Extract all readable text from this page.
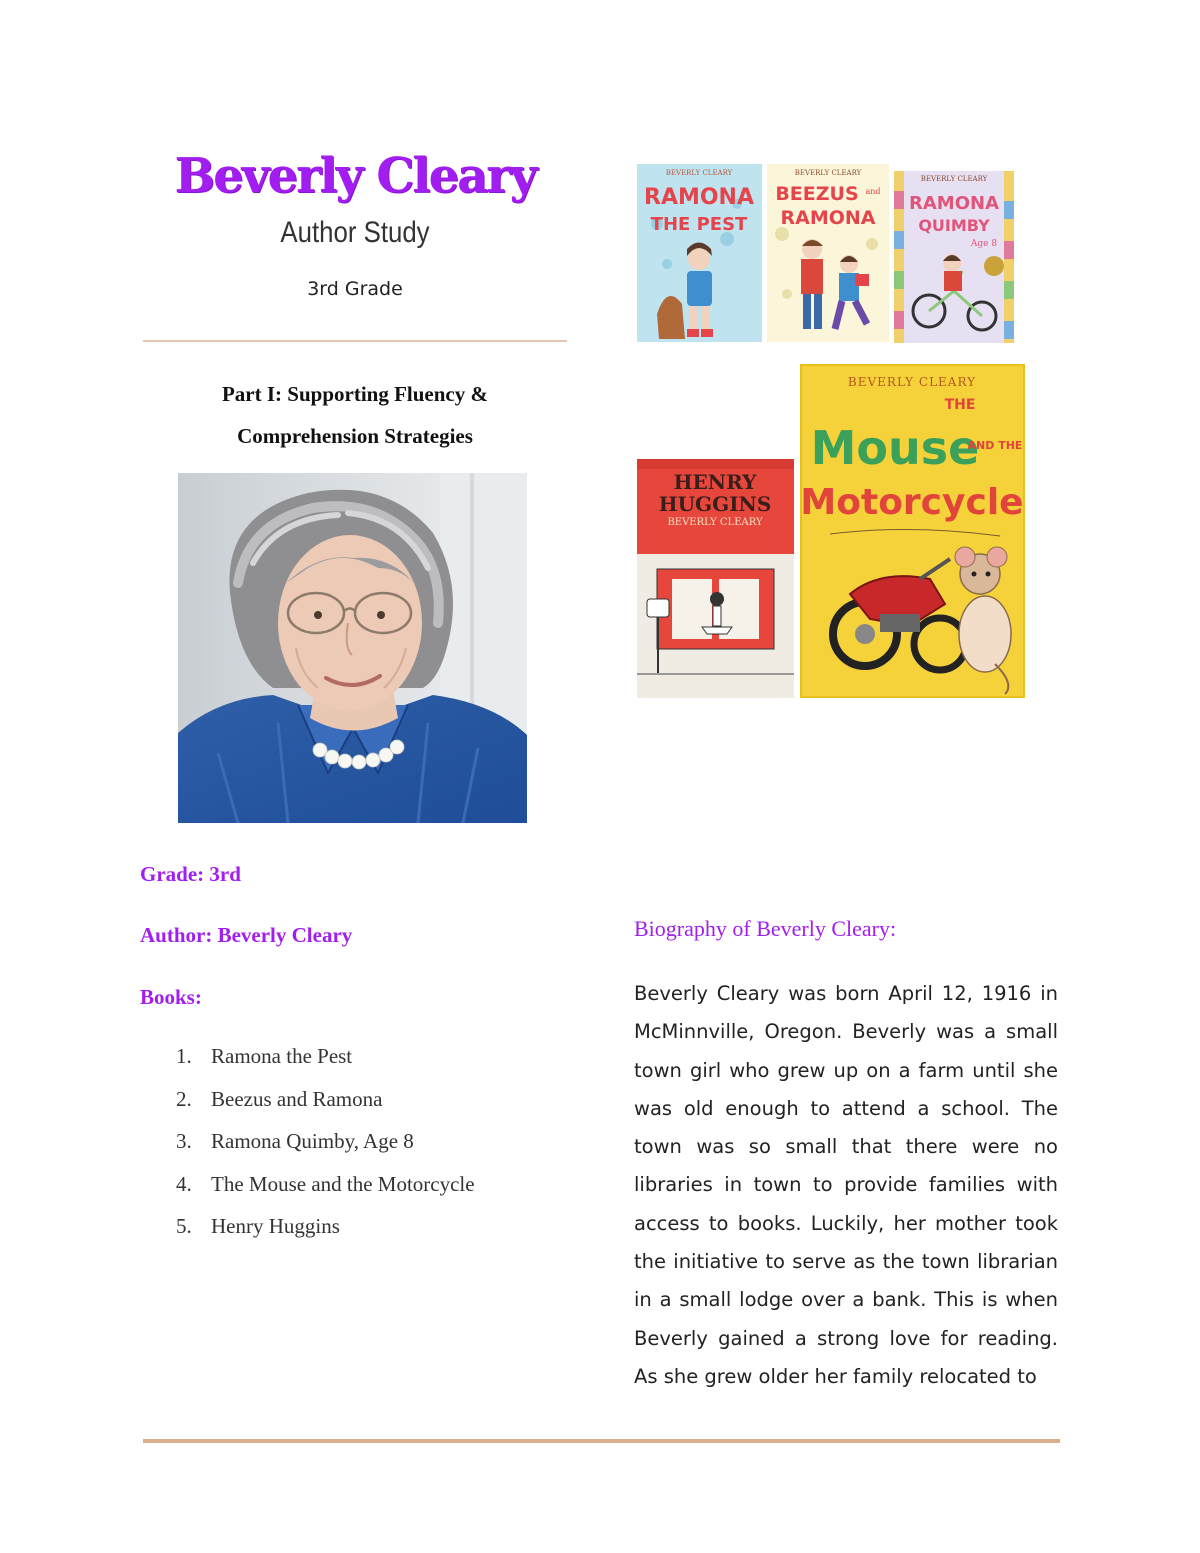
Beverly Cleary
Author Study
3rd Grade
Part I: Supporting Fluency &
Comprehension Strategies
Grade: 3rd
Author: Beverly Cleary
Books:
1. Ramona the Pest
2. Beezus and Ramona
3. Ramona Quimby, Age 8
4. The Mouse and the Motorcycle
5. Henry Huggins
Biography of Beverly Cleary:
Beverly Cleary was born April 12, 1916 in McMinnville, Oregon. Beverly was a small town girl who grew up on a farm until she was old enough to attend a school. The town was so small that there were no libraries in town to provide families with access to books. Luckily, her mother took the initiative to serve as the town librarian in a small lodge over a bank. This is when Beverly gained a strong love for reading. As she grew older her family relocated to
BEVERLY CLEARY
RAMONA
THE PEST
BEVERLY CLEARY
BEEZUS and
RAMONA
BEVERLY CLEARY
RAMONA
QUIMBY
Age 8
HENRY
HUGGINS
BEVERLY CLEARY
BEVERLY CLEARY
THE
Mouse
AND THE
Motorcycle
